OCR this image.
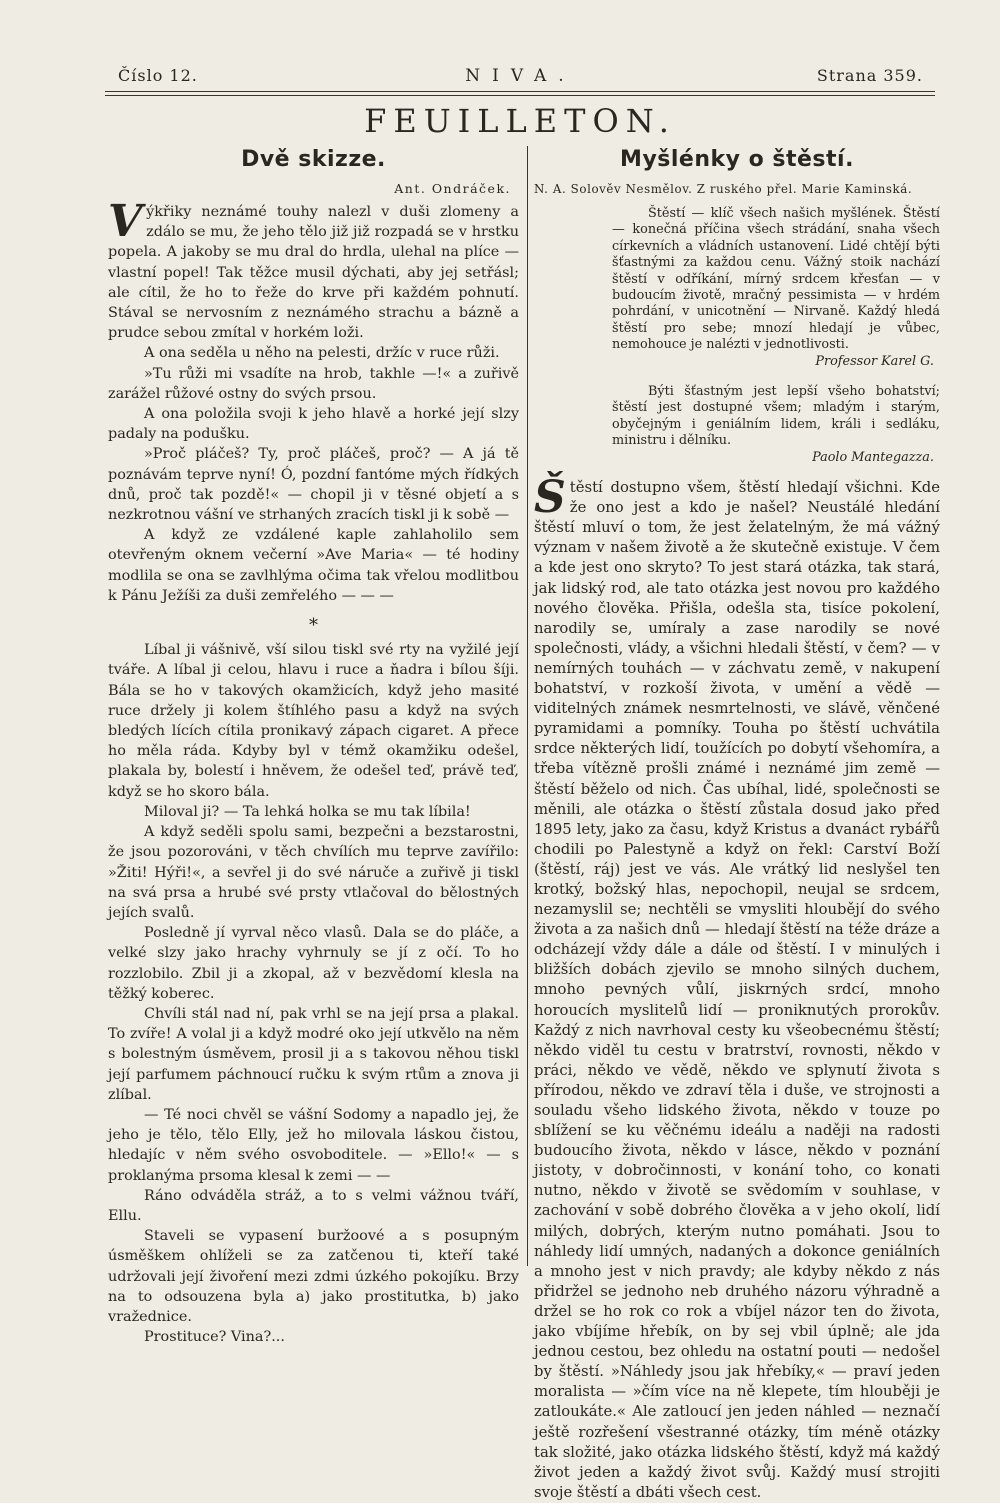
Číslo 12.	NIVA.	Strana 359.
FEUILLETON.
Dvě skizze.
Ant. Ondráček.

Výkřiky neznámé touhy nalezl v duši zlomeny a zdálo se mu, že jeho tělo již již rozpadá se v hrstku popela. A jakoby se mu dral do hrdla, ulehal na plíce — vlastní popel! Tak těžce musil dýchati, aby jej setřásl; ale cítil, že ho to řeže do krve při každém pohnutí. Stával se nervosním z neznámého strachu a bázně a prudce sebou zmítal v horkém loži.

A ona seděla u něho na pelesti, držíc v ruce růži.

»Tu růži mi vsadíte na hrob, takhle —!« a zuřivě zarážel růžové ostny do svých prsou.

A ona položila svoji k jeho hlavě a horké její slzy padaly na podušku.

»Proč pláčeš? Ty, proč pláčeš, proč? — A já tě poznávám teprve nyní! Ó, pozdní fantóme mých řídkých dnů, proč tak pozdě!« — chopil ji v těsné objetí a s nezkrotnou vášní ve strhaných zracích tiskl ji k sobě —

A když ze vzdálené kaple zahlaholilo sem otevřeným oknem večerní »Ave Maria« — té hodiny modlila se ona se zavlhlýma očima tak vřelou modlitbou k Pánu Ježíši za duši zemřelého — — —

*

Líbal ji vášnivě, vší silou tiskl své rty na vyžilé její tváře. A líbal ji celou, hlavu i ruce a ňadra i bílou šíji. Bála se ho v takových okamžicích, když jeho masité ruce držely ji kolem štíhlého pasu a když na svých bledých lících cítila pronikavý zápach cigaret. A přece ho měla ráda. Kdyby byl v témž okamžiku odešel, plakala by, bolestí i hněvem, že odešel teď, právě teď, když se ho skoro bála.

Miloval ji? — Ta lehká holka se mu tak líbila!

A když seděli spolu sami, bezpečni a bezstarostni, že jsou pozorováni, v těch chvílích mu teprve zavířilo: »Žiti! Hýři!«, a sevřel ji do své náruče a zuřivě ji tiskl na svá prsa a hrubé své prsty vtlačoval do bělostných jejích svalů.

Posledně jí vyrval něco vlasů. Dala se do pláče, a velké slzy jako hrachy vyhrnuly se jí z očí. To ho rozzlobilo. Zbil ji a zkopal, až v bezvědomí klesla na těžký koberec.

Chvíli stál nad ní, pak vrhl se na její prsa a plakal. To zvíře! A volal ji a když modré oko její utkvělo na něm s bolestným úsměvem, prosil ji a s takovou něhou tiskl její parfumem páchnoucí ručku k svým rtům a znova ji zlíbal.

— Té noci chvěl se vášní Sodomy a napadlo jej, že jeho je tělo, tělo Elly, jež ho milovala láskou čistou, hledajíc v něm svého osvoboditele. — »Ello!« — s proklanýma prsoma klesal k zemi — —

Ráno odváděla stráž, a to s velmi vážnou tváří, Ellu.

Staveli se vypasení buržoové a s posupným úsměškem ohlíželi se za zatčenou ti, kteří také udržovali její živoření mezi zdmi úzkého pokojíku. Brzy na to odsouzena byla a) jako prostitutka, b) jako vražednice.

Prostituce? Vina?...

Myšlénky o štěstí.
N. A. Solověv Nesmělov. Z ruského přel. Marie Kaminská.

Štěstí — klíč všech našich myšlének. Štěstí — konečná příčina všech strádání, snaha všech církevních a vládních ustanovení. Lidé chtějí býti šťastnými za každou cenu. Vážný stoik nachází štěstí v odříkání, mírný srdcem křesťan — v budoucím životě, mračný pessimista — v hrdém pohrdání, v unicotnění — Nirvaně. Každý hledá štěstí pro sebe; mnozí hledají je vůbec, nemohouce je nalézti v jednotlivosti.

Professor Karel G.

Býti šťastným jest lepší všeho bohatství; štěstí jest dostupné všem; mladým i starým, obyčejným i geniálním lidem, králi i sedláku, ministru i dělníku.

Paolo Mantegazza.

Štěstí dostupno všem, štěstí hledají všichni. Kde že ono jest a kdo je našel? Neustálé hledání štěstí mluví o tom, že jest želatelným, že má vážný význam v našem životě a že skutečně existuje. V čem a kde jest ono skryto? To jest stará otázka, tak stará, jak lidský rod, ale tato otázka jest novou pro každého nového člověka. Přišla, odešla sta, tisíce pokolení, narodily se, umíraly a zase narodily se nové společnosti, vlády, a všichni hledali štěstí, v čem? — v nemírných touhách — v záchvatu země, v nakupení bohatství, v rozkoší života, v umění a vědě — viditelných známek nesmrtelnosti, ve slávě, věnčené pyramidami a pomníky. Touha po štěstí uchvátila srdce některých lidí, toužících po dobytí všehomíra, a třeba vítězně prošli známé i neznámé jim země — štěstí běželo od nich. Čas ubíhal, lidé, společnosti se měnili, ale otázka o štěstí zůstala dosud jako před 1895 lety, jako za času, když Kristus a dvanáct rybářů chodili po Palestyně a když on řekl: Carství Boží (štěstí, ráj) jest ve vás. Ale vrátký lid neslyšel ten krotký, božský hlas, nepochopil, neujal se srdcem, nezamyslil se; nechtěli se vmysliti hloubějí do svého života a za našich dnů — hledají štěstí na téže dráze a odcházejí vždy dále a dále od štěstí. I v minulých i bližších dobách zjevilo se mnoho silných duchem, mnoho pevných vůlí, jiskrných srdcí, mnoho horoucích myslitelů lidí — proniknutých prorokův. Každý z nich navrhoval cesty ku všeobecnému štěstí; někdo viděl tu cestu v bratrství, rovnosti, někdo v práci, někdo ve vědě, někdo ve splynutí života s přírodou, někdo ve zdraví těla i duše, ve strojnosti a souladu všeho lidského života, někdo v touze po sblížení se ku věčnému ideálu a naději na radosti budoucího života, někdo v lásce, někdo v poznání jistoty, v dobročinnosti, v konání toho, co konati nutno, někdo v životě se svědomím v souhlase, v zachování v sobě dobrého člověka a v jeho okolí, lidí milých, dobrých, kterým nutno pomáhati. Jsou to náhledy lidí umných, nadaných a dokonce geniálních a mnoho jest v nich pravdy; ale kdyby někdo z nás přidržel se jednoho neb druhého názoru výhradně a držel se ho rok co rok a vbíjel názor ten do života, jako vbíjíme hřebík, on by sej vbil úplně; ale jda jednou cestou, bez ohledu na ostatní pouti — nedošel by štěstí. »Náhledy jsou jak hřebíky,« — praví jeden moralista — »čím více na ně klepete, tím hlouběji je zatloukáte.« Ale zatloucí jen jeden náhled — neznačí ještě rozřešení všestranné otázky, tím méně otázky tak složité, jako otázka lidského štěstí, když má každý život jeden a každý život svůj. Každý musí strojiti svoje štěstí a dbáti všech cest.
